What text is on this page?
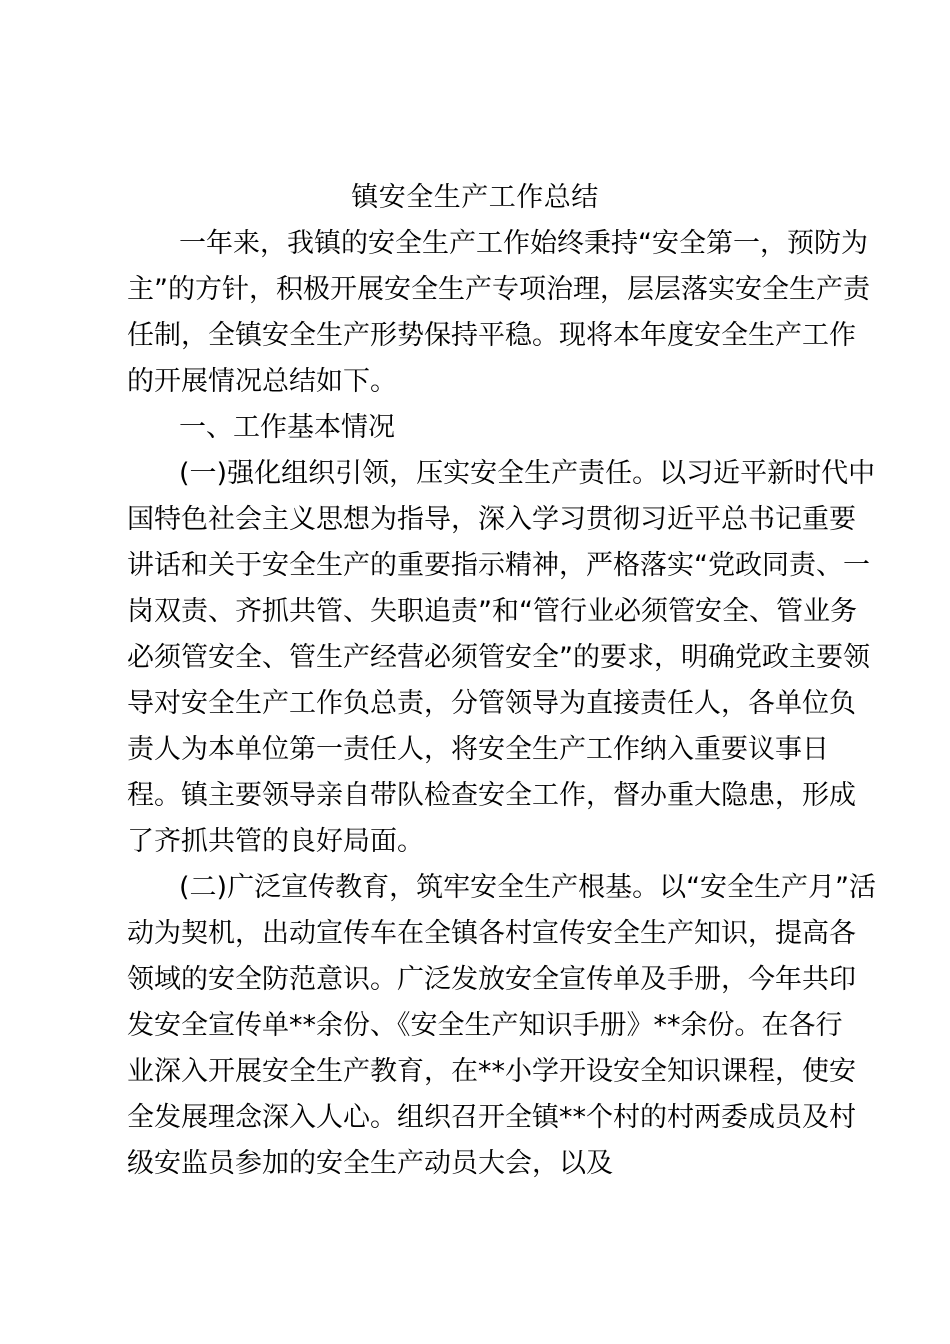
镇安全生产工作总结
一年来，我镇的安全生产工作始终秉持“安全第一，预防为
主”的方针，积极开展安全生产专项治理，层层落实安全生产责
任制，全镇安全生产形势保持平稳。现将本年度安全生产工作
的开展情况总结如下。
一、工作基本情况
(一)强化组织引领，压实安全生产责任。以习近平新时代中
国特色社会主义思想为指导，深入学习贯彻习近平总书记重要
讲话和关于安全生产的重要指示精神，严格落实“党政同责、一
岗双责、齐抓共管、失职追责”和“管行业必须管安全、管业务
必须管安全、管生产经营必须管安全”的要求，明确党政主要领
导对安全生产工作负总责，分管领导为直接责任人，各单位负
责人为本单位第一责任人，将安全生产工作纳入重要议事日
程。镇主要领导亲自带队检查安全工作，督办重大隐患，形成
了齐抓共管的良好局面。
(二)广泛宣传教育，筑牢安全生产根基。以“安全生产月”活
动为契机，出动宣传车在全镇各村宣传安全生产知识，提高各
领域的安全防范意识。广泛发放安全宣传单及手册，今年共印
发安全宣传单**余份、《安全生产知识手册》**余份。在各行
业深入开展安全生产教育，在**小学开设安全知识课程，使安
全发展理念深入人心。组织召开全镇**个村的村两委成员及村
级安监员参加的安全生产动员大会，以及
